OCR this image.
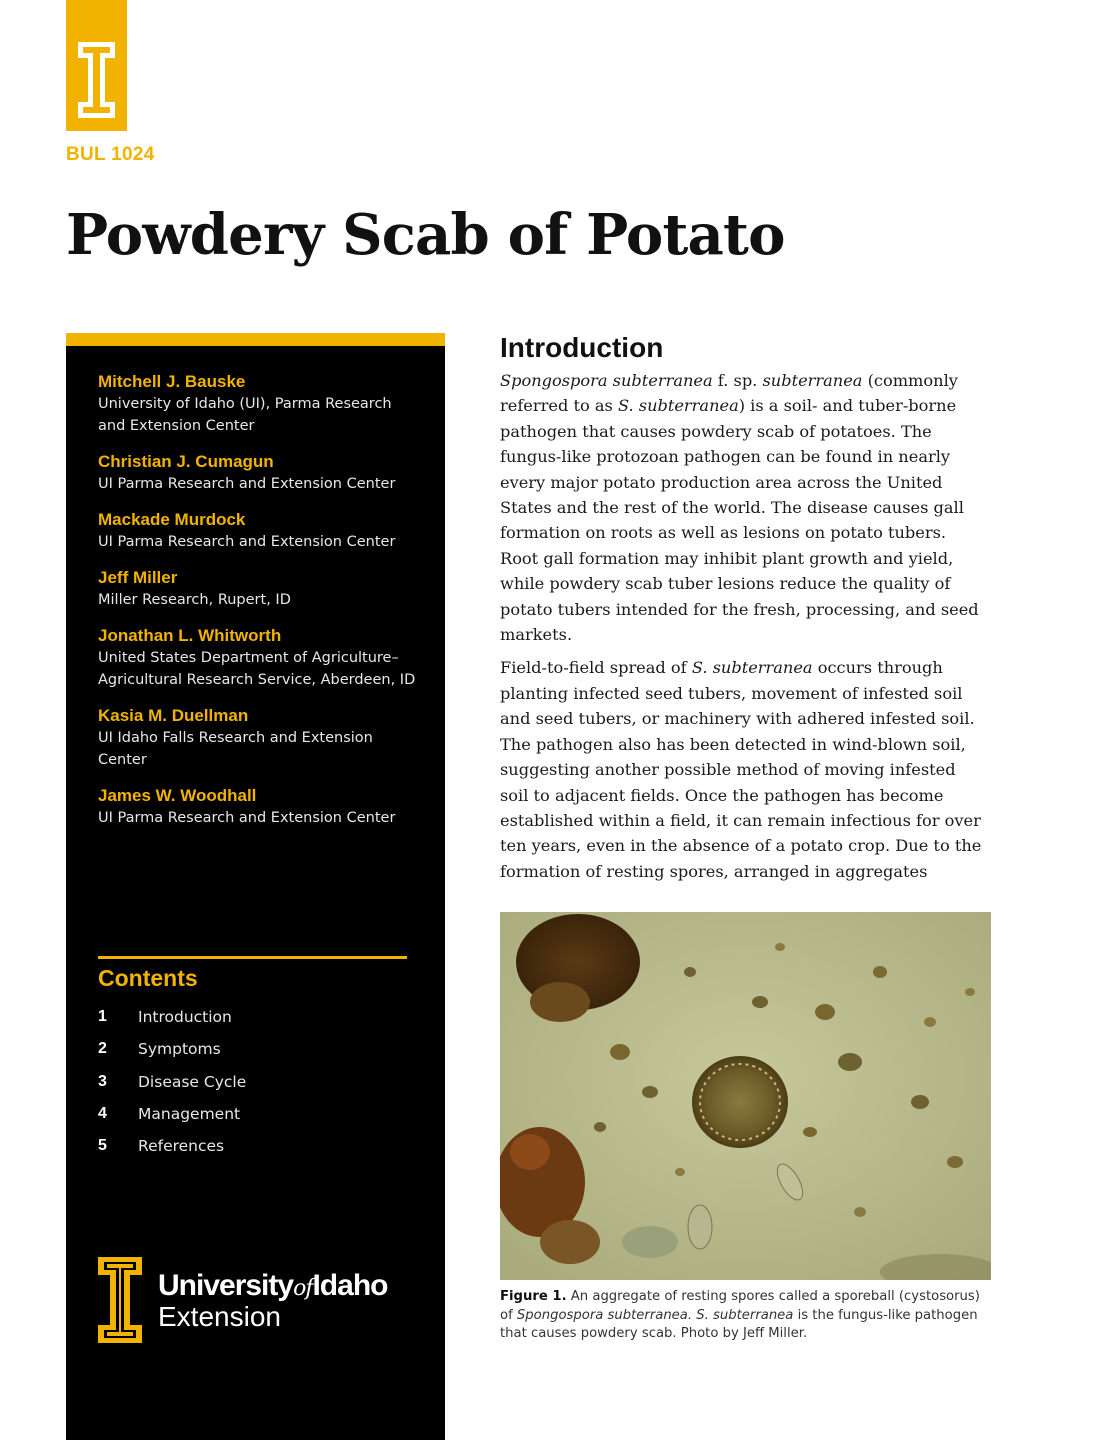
BUL 1024
Powdery Scab of Potato
Mitchell J. Bauske
University of Idaho (UI), Parma Research and Extension Center
Christian J. Cumagun
UI Parma Research and Extension Center
Mackade Murdock
UI Parma Research and Extension Center
Jeff Miller
Miller Research, Rupert, ID
Jonathan L. Whitworth
United States Department of Agriculture–Agricultural Research Service, Aberdeen, ID
Kasia M. Duellman
UI Idaho Falls Research and Extension Center
James W. Woodhall
UI Parma Research and Extension Center
Contents
1	Introduction
2	Symptoms
3	Disease Cycle
4	Management
5	References
UniversityofIdaho
Extension
Introduction

Spongospora subterranea f. sp. subterranea (commonly referred to as S. subterranea) is a soil- and tuber-borne pathogen that causes powdery scab of potatoes. The fungus-like protozoan pathogen can be found in nearly every major potato production area across the United States and the rest of the world. The disease causes gall formation on roots as well as lesions on potato tubers. Root gall formation may inhibit plant growth and yield, while powdery scab tuber lesions reduce the quality of potato tubers intended for the fresh, processing, and seed markets.

Field-to-field spread of S. subterranea occurs through planting infected seed tubers, movement of infested soil and seed tubers, or machinery with adhered infested soil. The pathogen also has been detected in wind-blown soil, suggesting another possible method of moving infested soil to adjacent fields. Once the pathogen has become established within a field, it can remain infectious for over ten years, even in the absence of a potato crop. Due to the formation of resting spores, arranged in aggregates

Figure 1. An aggregate of resting spores called a sporeball (cystosorus) of Spongospora subterranea. S. subterranea is the fungus-like pathogen that causes powdery scab. Photo by Jeff Miller.
